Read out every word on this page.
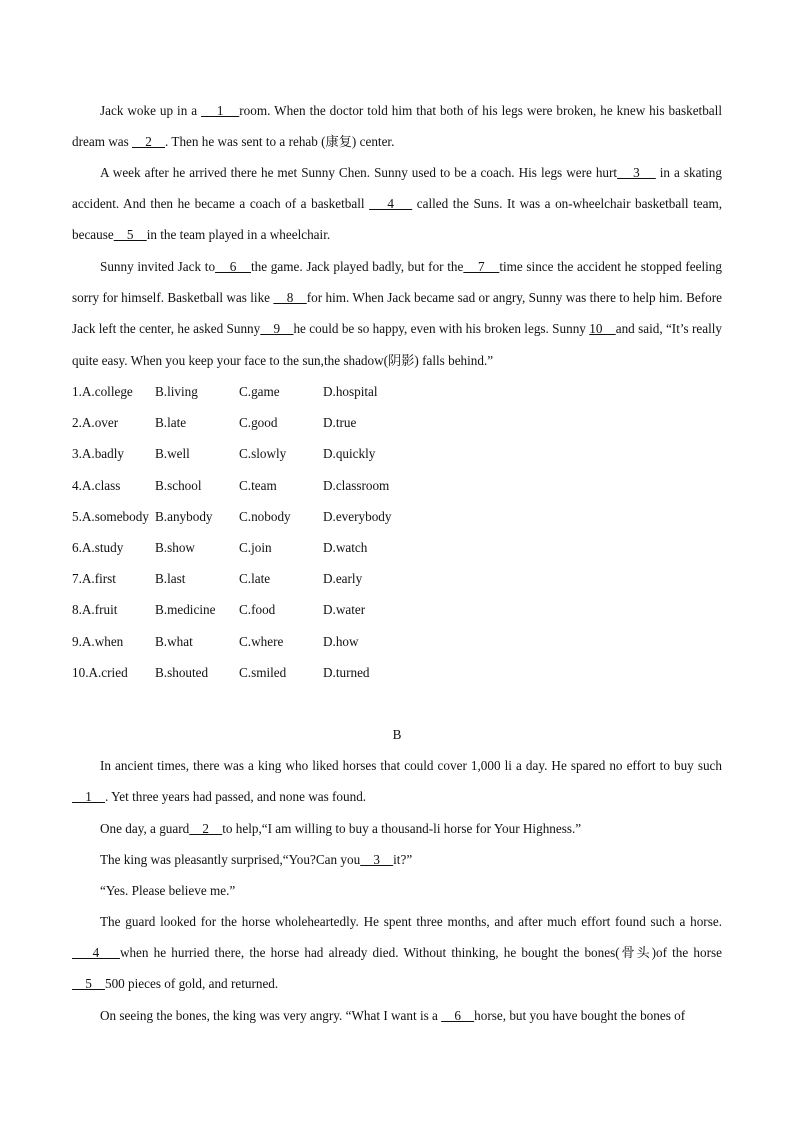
Jack woke up in a     1    room. When the doctor told him that both of his legs were broken, he knew his basketball dream was     2    . Then he was sent to a rehab (康复) center.
A week after he arrived there he met Sunny Chen. Sunny used to be a coach. His legs were hurt    3     in a skating accident. And then he became a coach of a basketball     4     called the Suns. It was a on-wheelchair basketball team, because    5    in the team played in a wheelchair.
Sunny invited Jack to    6    the game. Jack played badly, but for the    7    time since the accident he stopped feeling sorry for himself. Basketball was like     8    for him. When Jack became sad or angry, Sunny was there to help him. Before Jack left the center, he asked Sunny    9    he could be so happy, even with his broken legs. Sunny 10    and said, “It’s really quite easy. When you keep your face to the sun,the shadow(阴影) falls behind.”
1.A.college B.living	C.game	D.hospital
2.A.over	B.late	C.good	D.true
3.A.badly B.well	C.slowly	D.quickly
4.A.class	B.school	C.team	D.classroom
5.A.somebody B.anybody C.nobody D.everybody
6.A.study B.show	C.join	D.watch
7.A.first	B.last	C.late	D.early
8.A.fruit	B.medicine C.food	D.water
9.A.when B.what	C.where	D.how
10.A.cried B.shouted C.smiled	D.turned
B
In ancient times, there was a king who liked horses that could cover 1,000 li a day. He spared no effort to buy such    1    . Yet three years had passed, and none was found.
One day, a guard    2    to help,“I am willing to buy a thousand-li horse for Your Highness.”
The king was pleasantly surprised,“You?Can you    3    it?”
“Yes. Please believe me.”
The guard looked for the horse wholeheartedly. He spent three months, and after much effort found such a horse.    4    when he hurried there, the horse had already died. Without thinking, he bought the bones(骨头)of the horse    5    500 pieces of gold, and returned.
On seeing the bones, the king was very angry. “What I want is a     6    horse, but you have bought the bones of
